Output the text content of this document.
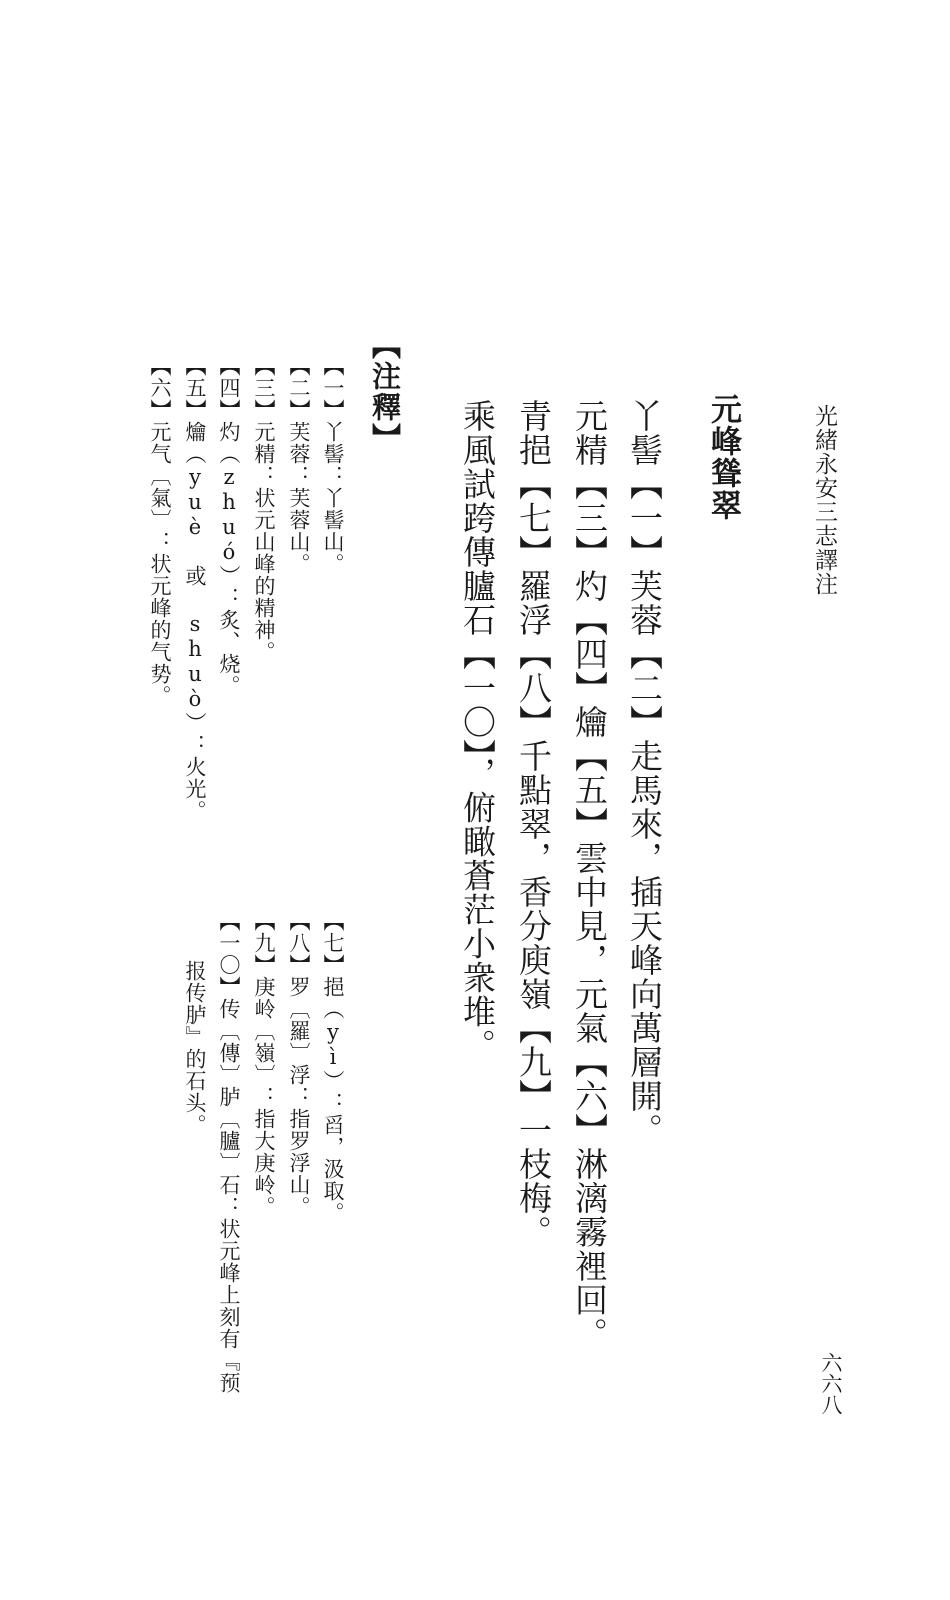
光緒永安三志譯注
六六八
元峰聳翠
丫髻【一】芙蓉【二】走馬來，插天峰向萬層開。
元精【三】灼【四】爚【五】雲中見，元氣【六】淋漓霧裡回。
青挹【七】羅浮【八】千點翠，香分庾嶺【九】一枝梅。
乘風試跨傳臚石【一〇】，俯瞰蒼茫小衆堆。
【注釋】
【一】丫髻：丫髻山。
【二】芙蓉：芙蓉山。
【三】元精：状元山峰的精神。
【四】灼（zhuó）：炙、烧。
【五】爚（yuè 或 shuò）：火光。
【六】元气〔氣〕：状元峰的气势。
【七】挹（yì）：舀，汲取。
【八】罗〔羅〕浮：指罗浮山。
【九】庚岭〔嶺〕：指大庚岭。
【一〇】传〔傳〕胪〔臚〕石：状元峰上刻有『预
报传胪』的石头。
